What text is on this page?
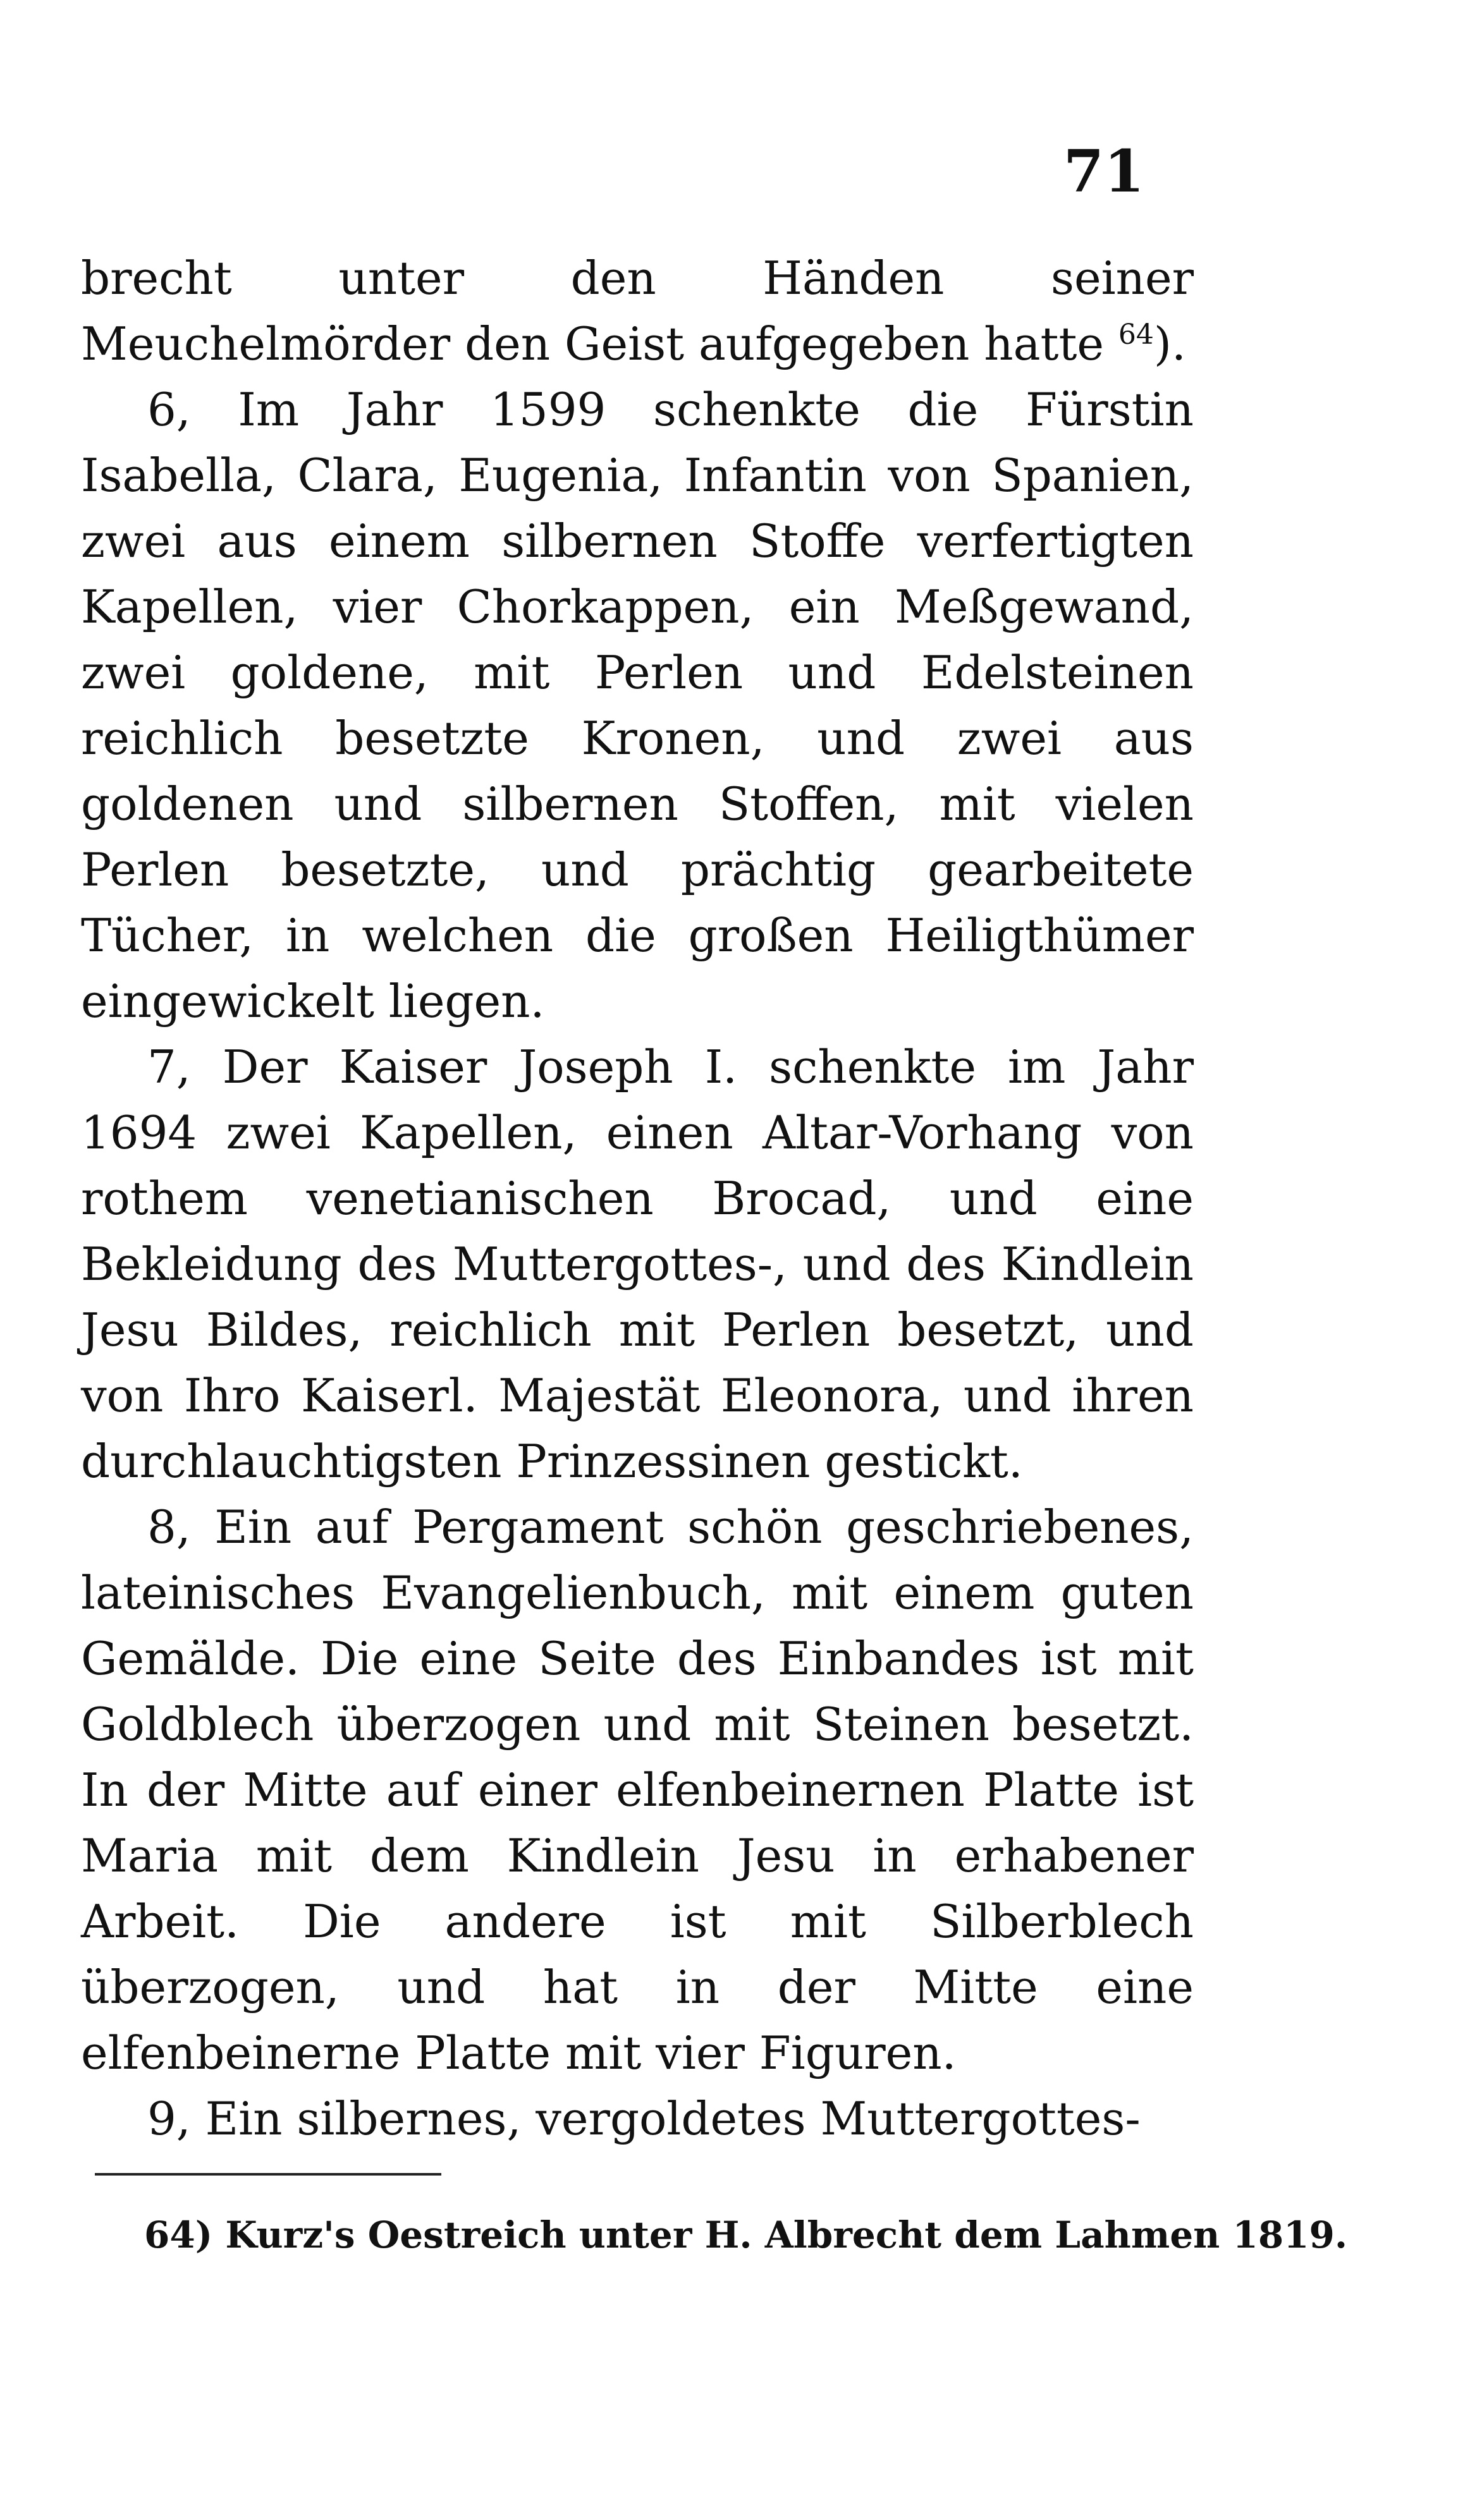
71

brecht unter den Händen seiner Meuchelmörder den Geist aufgegeben hatte $^{64}$).

6, Im Jahr 1599 schenkte die Fürstin Isabella, Clara, Eugenia, Infantin von Spanien, zwei aus einem silbernen Stoffe verfertigten Kapellen, vier Chorkappen, ein Meßgewand, zwei goldene, mit Perlen und Edelsteinen reichlich besetzte Kronen, und zwei aus goldenen und silbernen Stoffen, mit vielen Perlen besetzte, und prächtig gearbeitete Tücher, in welchen die großen Heiligthümer eingewickelt liegen.

7, Der Kaiser Joseph I. schenkte im Jahr 1694 zwei Kapellen, einen Altar-Vorhang von rothem venetianischen Brocad, und eine Bekleidung des Muttergottes-, und des Kindlein Jesu Bildes, reichlich mit Perlen besetzt, und von Ihro Kaiserl. Majestät Eleonora, und ihren durchlauchtigsten Prinzessinen gestickt.

8, Ein auf Pergament schön geschriebenes, lateinisches Evangelienbuch, mit einem guten Gemälde. Die eine Seite des Einbandes ist mit Goldblech überzogen und mit Steinen besetzt. In der Mitte auf einer elfenbeinernen Platte ist Maria mit dem Kindlein Jesu in erhabener Arbeit. Die andere ist mit Silberblech überzogen, und hat in der Mitte eine elfenbeinerne Platte mit vier Figuren.

9, Ein silbernes, vergoldetes Muttergottes-

64) Kurz's Oestreich unter H. Albrecht dem Lahmen 1819.
